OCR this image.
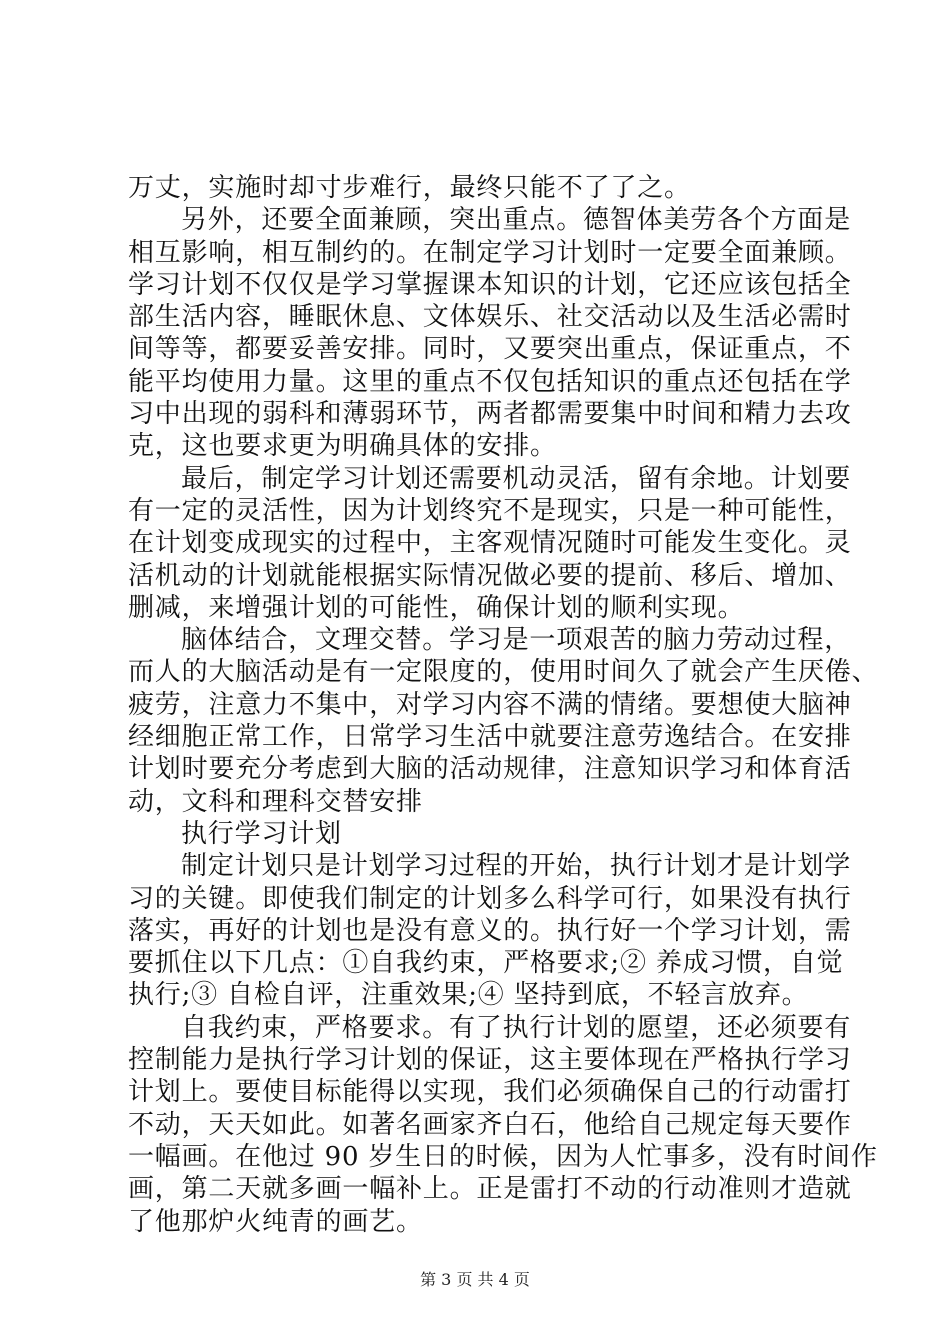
万丈，实施时却寸步难行，最终只能不了了之。
另外，还要全面兼顾，突出重点。德智体美劳各个方面是
相互影响，相互制约的。在制定学习计划时一定要全面兼顾。
学习计划不仅仅是学习掌握课本知识的计划，它还应该包括全
部生活内容，睡眠休息、文体娱乐、社交活动以及生活必需时
间等等，都要妥善安排。同时，又要突出重点，保证重点，不
能平均使用力量。这里的重点不仅包括知识的重点还包括在学
习中出现的弱科和薄弱环节，两者都需要集中时间和精力去攻
克，这也要求更为明确具体的安排。
最后，制定学习计划还需要机动灵活，留有余地。计划要
有一定的灵活性，因为计划终究不是现实，只是一种可能性，
在计划变成现实的过程中，主客观情况随时可能发生变化。灵
活机动的计划就能根据实际情况做必要的提前、移后、增加、
删减，来增强计划的可能性，确保计划的顺利实现。
脑体结合，文理交替。学习是一项艰苦的脑力劳动过程，
而人的大脑活动是有一定限度的，使用时间久了就会产生厌倦、
疲劳，注意力不集中，对学习内容不满的情绪。要想使大脑神
经细胞正常工作，日常学习生活中就要注意劳逸结合。在安排
计划时要充分考虑到大脑的活动规律，注意知识学习和体育活
动，文科和理科交替安排
执行学习计划
制定计划只是计划学习过程的开始，执行计划才是计划学
习的关键。即使我们制定的计划多么科学可行，如果没有执行
落实，再好的计划也是没有意义的。执行好一个学习计划，需
要抓住以下几点：①自我约束，严格要求;② 养成习惯，自觉
执行;③ 自检自评，注重效果;④ 坚持到底，不轻言放弃。
自我约束，严格要求。有了执行计划的愿望，还必须要有
控制能力是执行学习计划的保证，这主要体现在严格执行学习
计划上。要使目标能得以实现，我们必须确保自己的行动雷打
不动，天天如此。如著名画家齐白石，他给自己规定每天要作
一幅画。在他过 90 岁生日的时候，因为人忙事多，没有时间作
画，第二天就多画一幅补上。正是雷打不动的行动准则才造就
了他那炉火纯青的画艺。
第 3 页 共 4 页
